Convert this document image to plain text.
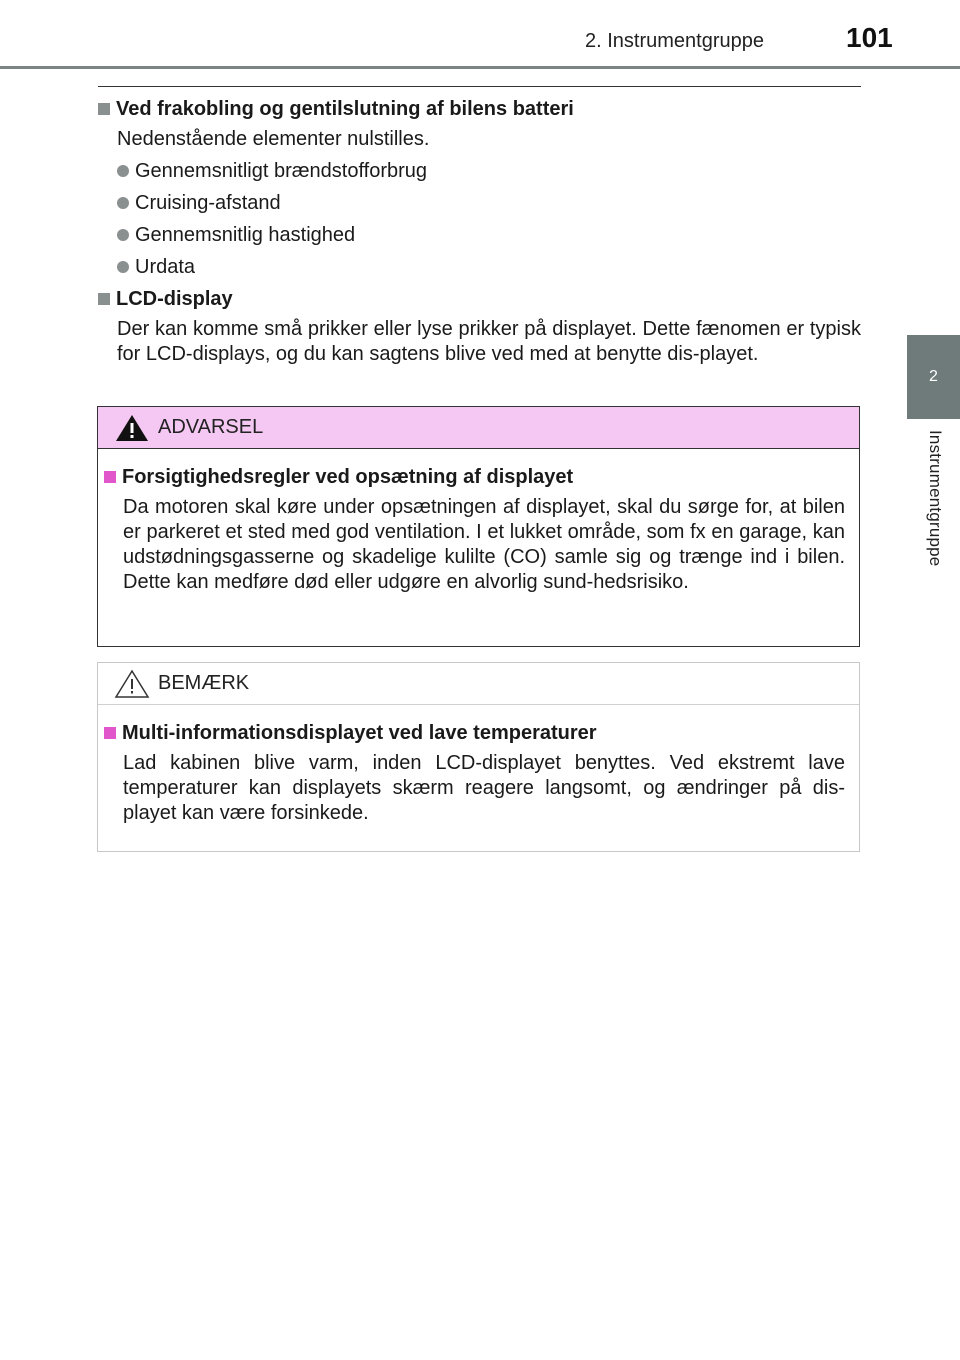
2. Instrumentgruppe	101
2
Instrumentgruppe
Ved frakobling og gentilslutning af bilens batteri
Nedenstående elementer nulstilles.
Gennemsnitligt brændstofforbrug
Cruising-afstand
Gennemsnitlig hastighed
Urdata
LCD-display
Der kan komme små prikker eller lyse prikker på displayet. Dette fænomen er typisk for LCD-displays, og du kan sagtens blive ved med at benytte dis-playet.
ADVARSEL
Forsigtighedsregler ved opsætning af displayet
Da motoren skal køre under opsætningen af displayet, skal du sørge for, at bilen er parkeret et sted med god ventilation. I et lukket område, som fx en garage, kan udstødningsgasserne og skadelige kulilte (CO) samle sig og trænge ind i bilen. Dette kan medføre død eller udgøre en alvorlig sund-hedsrisiko.
BEMÆRK
Multi-informationsdisplayet ved lave temperaturer
Lad kabinen blive varm, inden LCD-displayet benyttes. Ved ekstremt lave temperaturer kan displayets skærm reagere langsomt, og ændringer på dis-playet kan være forsinkede.
